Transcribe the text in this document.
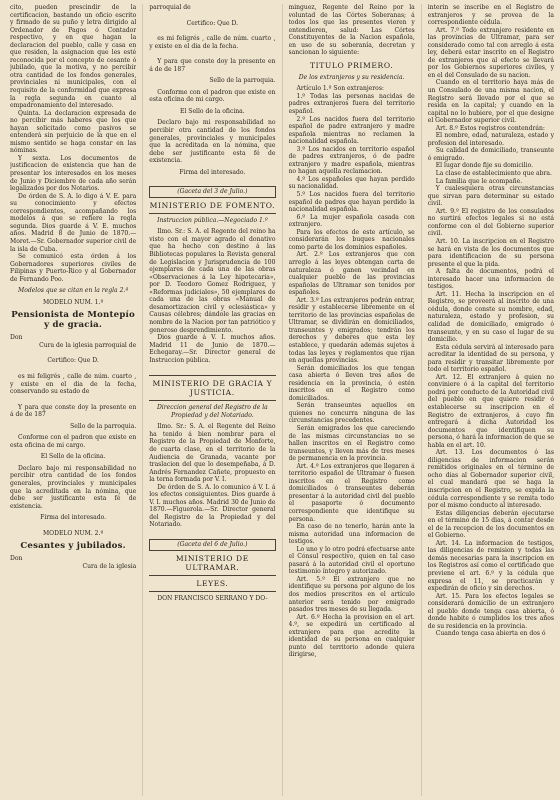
cito, pueden prescindir de la certificacion, bastando un oficio escrito y firmado de su puño y letra dirigido al Ordenador de Pagos ó Contador respectivo, y en que hagan la declaracion del pueblo, calle y casa en que residen, la asignacion que les esté reconocida por el concepto de cesante ó jubilado, que la motiva, y no percibir otra cantidad de los fondos generales, provinciales ni municipales, con el requisito de la conformidad que expresa la regla segunda en cuanto al empadronamiento del interesado.

Quinta. La declaracion expresada de no percibir más haberes que los que hayan solicitado como pasivos se entenderá sin perjuicio de la que en el mismo sentido se haga constar en las nóminas.

Y sexta. Los documentos de justificacion de existencia que han de presentar los interesados en los meses de Junio y Diciembre de cada año serán legalizados por dos Notarios.

De órden de S. A. lo digo á V. E. para su conocimiento y efectos correspondientes, acompañando los modelos á que se refiere la regla segunda. Dios guarde á V. E. muchos años. Madrid 8 de Junio de 1870.—Moret.—Sr. Gobernador superior civil de la isla de Cuba.

Se comunicó esta órden á los Gobernadores superiores civiles de Filipinas y Puerto-Rico y al Gobernador de Fernando Poo.

Modelos que se citan en la regla 2.ª

MODELO NUM. 1.º

Pensionista de Montepío y de gracia.

Don

Cura de la iglesia parroquial de

Certifico: Que D.

es mi feligrés , calle de núm. cuarto , y existe en el dia de la fecha, conservando su estado de

Y para que conste doy la presente en á de de 187

Sello de la parroquia.

Conforme con el padron que existe en esta oficina de mi cargo.

El Sello de la oficina.

Declaro bajo mi responsabilidad no percibir otra cantidad de los fondos generales, provinciales y municipales que la acreditada en la nómina, que debe ser justificante esta fé de existencia.

Firma del interesado.

MODELO NUM. 2.º

Cesantes y jubilados.

Don

Cura de la iglesia

parroquial de

Certifico: Que D.

es mi feligrés , calle de núm. cuarto , y existe en el dia de la fecha.

Y para que conste doy la presente en á de de 187

Sello de la parroquia.

Conforme con el padron que existe en esta oficina de mi cargo.

El Sello de la oficina.

Declaro bajo mi responsabilidad no percibir otra cantidad de los fondos generales, provinciales y municipales que la acreditada en la nómina, que debe ser justificante esta fé de existencia.

Firma del interesado.

(Gaceta del 3 de Julio.)

MINISTERIO DE FOMENTO.

Instruccion pública.—Negociado 1.º

Ilmo. Sr.: S. A. el Regente del reino ha visto con el mayor agrado el donativo que ha hecho con destino á las Bibliotecas populares la Revista general de Legislacion y Jurisprudencia de 100 ejemplares de cada una de las obras «Observaciones á la Ley hipotecaria», por D. Teodoro Gomez Rodriguez, y «Reformas judiciales», 50 ejemplares de cada una de las obras «Manual de desamortizacion civil y eclesiástica» y Causas célebres; dándole las gracias en nombre de la Nacion por tan patriótico y generoso desprendimiento.

Dios guarde á V. I. muchos años. Madrid 11 de Junio de 1870.—Echegaray.—Sr. Director general de Instruccion pública.

MINISTERIO DE GRACIA Y JUSTICIA.

Direccion general del Registro de la Propiedad y del Notariado.

Ilmo. Sr.: S. A. el Regente del Reino ha tenido á bien nombrar para el Registro de la Propiedad de Monforte, de cuarta clase, en el territorio de la Audiencia de Granada, vacante por traslacion del que lo desempeñaba, á D. Andrés Fernandez Cañete, propuesto en la terna formada por V. I.

De órden de S. A. lo comunico á V. I. á los efectos consiguientes. Dios guarde á V. I. muchos años. Madrid 30 de Junio de 1870.—Figuerola.—Sr. Director general del Registro de la Propiedad y del Notariado.

(Gaceta del 6 de Julio.)

MINISTERIO DE ULTRAMAR.

LEYES.

DON FRANCISCO SERRANO Y DO-

minguez, Regente del Reino por la voluntad de las Córtes Soberanas; á todos los que las presentes vieren y entendieren, salud: Las Córtes Constituyentes de la Nacion española, en uso de su soberanía, decretan y sancionan lo siguiente:

TITULO PRIMERO.

De los extranjeros y su residencia.

Artículo 1.º Son extranjeros:

1.º Todas las personas nacidas de padres extranjeros fuera del territorio español.

2.º Los nacidos fuera del territorio español de padre extranjero y madre española mientras no reclamen la nacionalidad española.

3.º Los nacidos en territorio español de padres extranjeros, ó de padre extranjero y madre española, mientras no hagan aquella reclamacion.

4.º Los españoles que hayan perdido su nacionalidad.

5.º Los nacidos fuera del territorio español de padres que hayan perdido la nacionalidad española.

6.º La mujer española casada con extranjero.

Para los efectos de este artículo, se considerarán los buques nacionales como parte de los dominios españoles.

Art. 2.º Los extranjeros que con arreglo á las leyes obtengan carta de naturaleza ó ganen vecindad en cualquier pueblo de las provincias españolas de Ultramar son tenidos por españoles.

Art. 3.º Los extranjeros podrán entrar, residir y establecerse libremente en el territorio de las provincias españolas de Ultramar, se dividirán en domiciliados, transeuntes y emigrados; tendrán los derechos y deberes que esta ley establece, y quedarán además sujetos á todas las leyes y reglamentos que rijan en aquellas provincias.

Serán domiciliados los que tengan casa abierta ó lleven tres años de residencia en la provincia, ó estén inscritos en el Registro como domiciliados.

Serán transeuntes aquellos en quienes no concurra ninguna de las circunstancias precedentes.

Serán emigrados los que careciendo de las mismas circunstancias no se hallen inscritos en el Registro como transeuntes, y lleven más de tres meses de permanencia en la provincia.

Art. 4.º Los extranjeros que llegaren á territorio español de Ultramar ó fuesen inscritos en el Registro como domiciliados ó transeuntes deberán presentar á la autoridad civil del pueblo el pasaporte ó documento correspondiente que identifique su persona.

En caso de no tenerlo, harán ante la misma autoridad una informacion de testigos.

Lo uno y lo otro podrá efectuarse ante el Cónsul respectivo, quien en tal caso pasará á la autoridad civil el oportuno testimonio íntegro y autorizado.

Art. 5.º El extranjero que no identifique su persona por alguno de los dos medios prescritos en el artículo anterior será tenido por emigrado pasados tres meses de su llegada.

Art. 6.º Hecha la provision en el art. 4.º, se expedirá un certificado al extranjero para que acredite la identidad de su persona en cualquier punto del territorio adonde quiera dirigirse,

interin se inscribe en el Registro de extranjeros y se provea de la correspondiente cédula.

Art. 7.º Todo extranjero residente en las provincias de Ultramar, para ser considerado como tal con arreglo á esta ley, deberá estar inscrito en el Registro de extranjeros que al efecto se llevará por los Gobiernos superiores civiles, y en el del Consulado de su nacion.

Cuando en el territorio haya más de un Consulado de una misma nacion, el Registro será llevado por el que se resida en la capital; y cuando en la capital no lo hubiere, por el que designe el Gobernador superior civil.

Art. 8.º Estos registros contendrán:

El nombre, edad, naturaleza, estado y profesion del interesado.

Su calidad de domiciliado, transeunte ó emigrado.

El lugar donde fije su domicilio.

La clase de establecimiento que abra.

La familia que le acompañe.

Y cualesquiera otras circunstancias que sirvan para determinar su estado civil.

Art. 9.º El registro de los consulados no surtirá efectos legales si no está conforme con el del Gobierno superior civil.

Art. 10. La inscripcion en el Registro se hará en vista de los documentos que para identificacion de su persona presente el que la pida.

A falta de documentos, podrá el interesado hacer una informacion de testigos.

Art. 11. Hecha la inscripcion en el Registro, se proveerá al inscrito de una cédula, donde conste su nombre, edad, naturaleza, estado y profesion, su calidad de domiciliado, emigrado ó transeunte, y en su caso el lugar de su domicilio.

Esta cédula servirá al interesado para acreditar la identidad de su persona, y para residir y transitar libremente por todo el territorio español.

Art. 12. El extranjero á quien no conviniere ó á la capital del territorio podrá por conducto de la Autoridad civil del pueblo en que quiere residir ó establecerse su inscripcion en el Registro de extranjeros, á cuyo fin entregará á dicha Autoridad los documentos que identifiquen su persona, ó hará la informacion de que se habla en el art. 10.

Art. 13. Los documentos ó las diligencias de informacion serán remitidos originales en el término de ocho dias al Gobernador superior civil, el cual mandará que se haga la inscripcion en el Registro, se expida la cédula correspondiente y se remita todo por el mismo conducto al interesado.

Estas diligencias deberán ejecutarse en el término de 15 dias, á contar desde el de la recepcion de los documentos en el Gobierno.

Art. 14. La informacion de testigos, las diligencias de remision y todas las demás necesarias para la inscripcion en los Registros así como el certificado que previene el art. 6.º y la cédula que expresa el 11, se practicarán y expedirán de oficio y sin derechos.

Art. 15. Para los efectos legales se considerará domicilio de un extranjero el pueblo donde tenga casa abierta, ó donde habite ó cumplidos los tres años de su residencia en la provincia.

Cuando tenga casa abierta en dos ó
